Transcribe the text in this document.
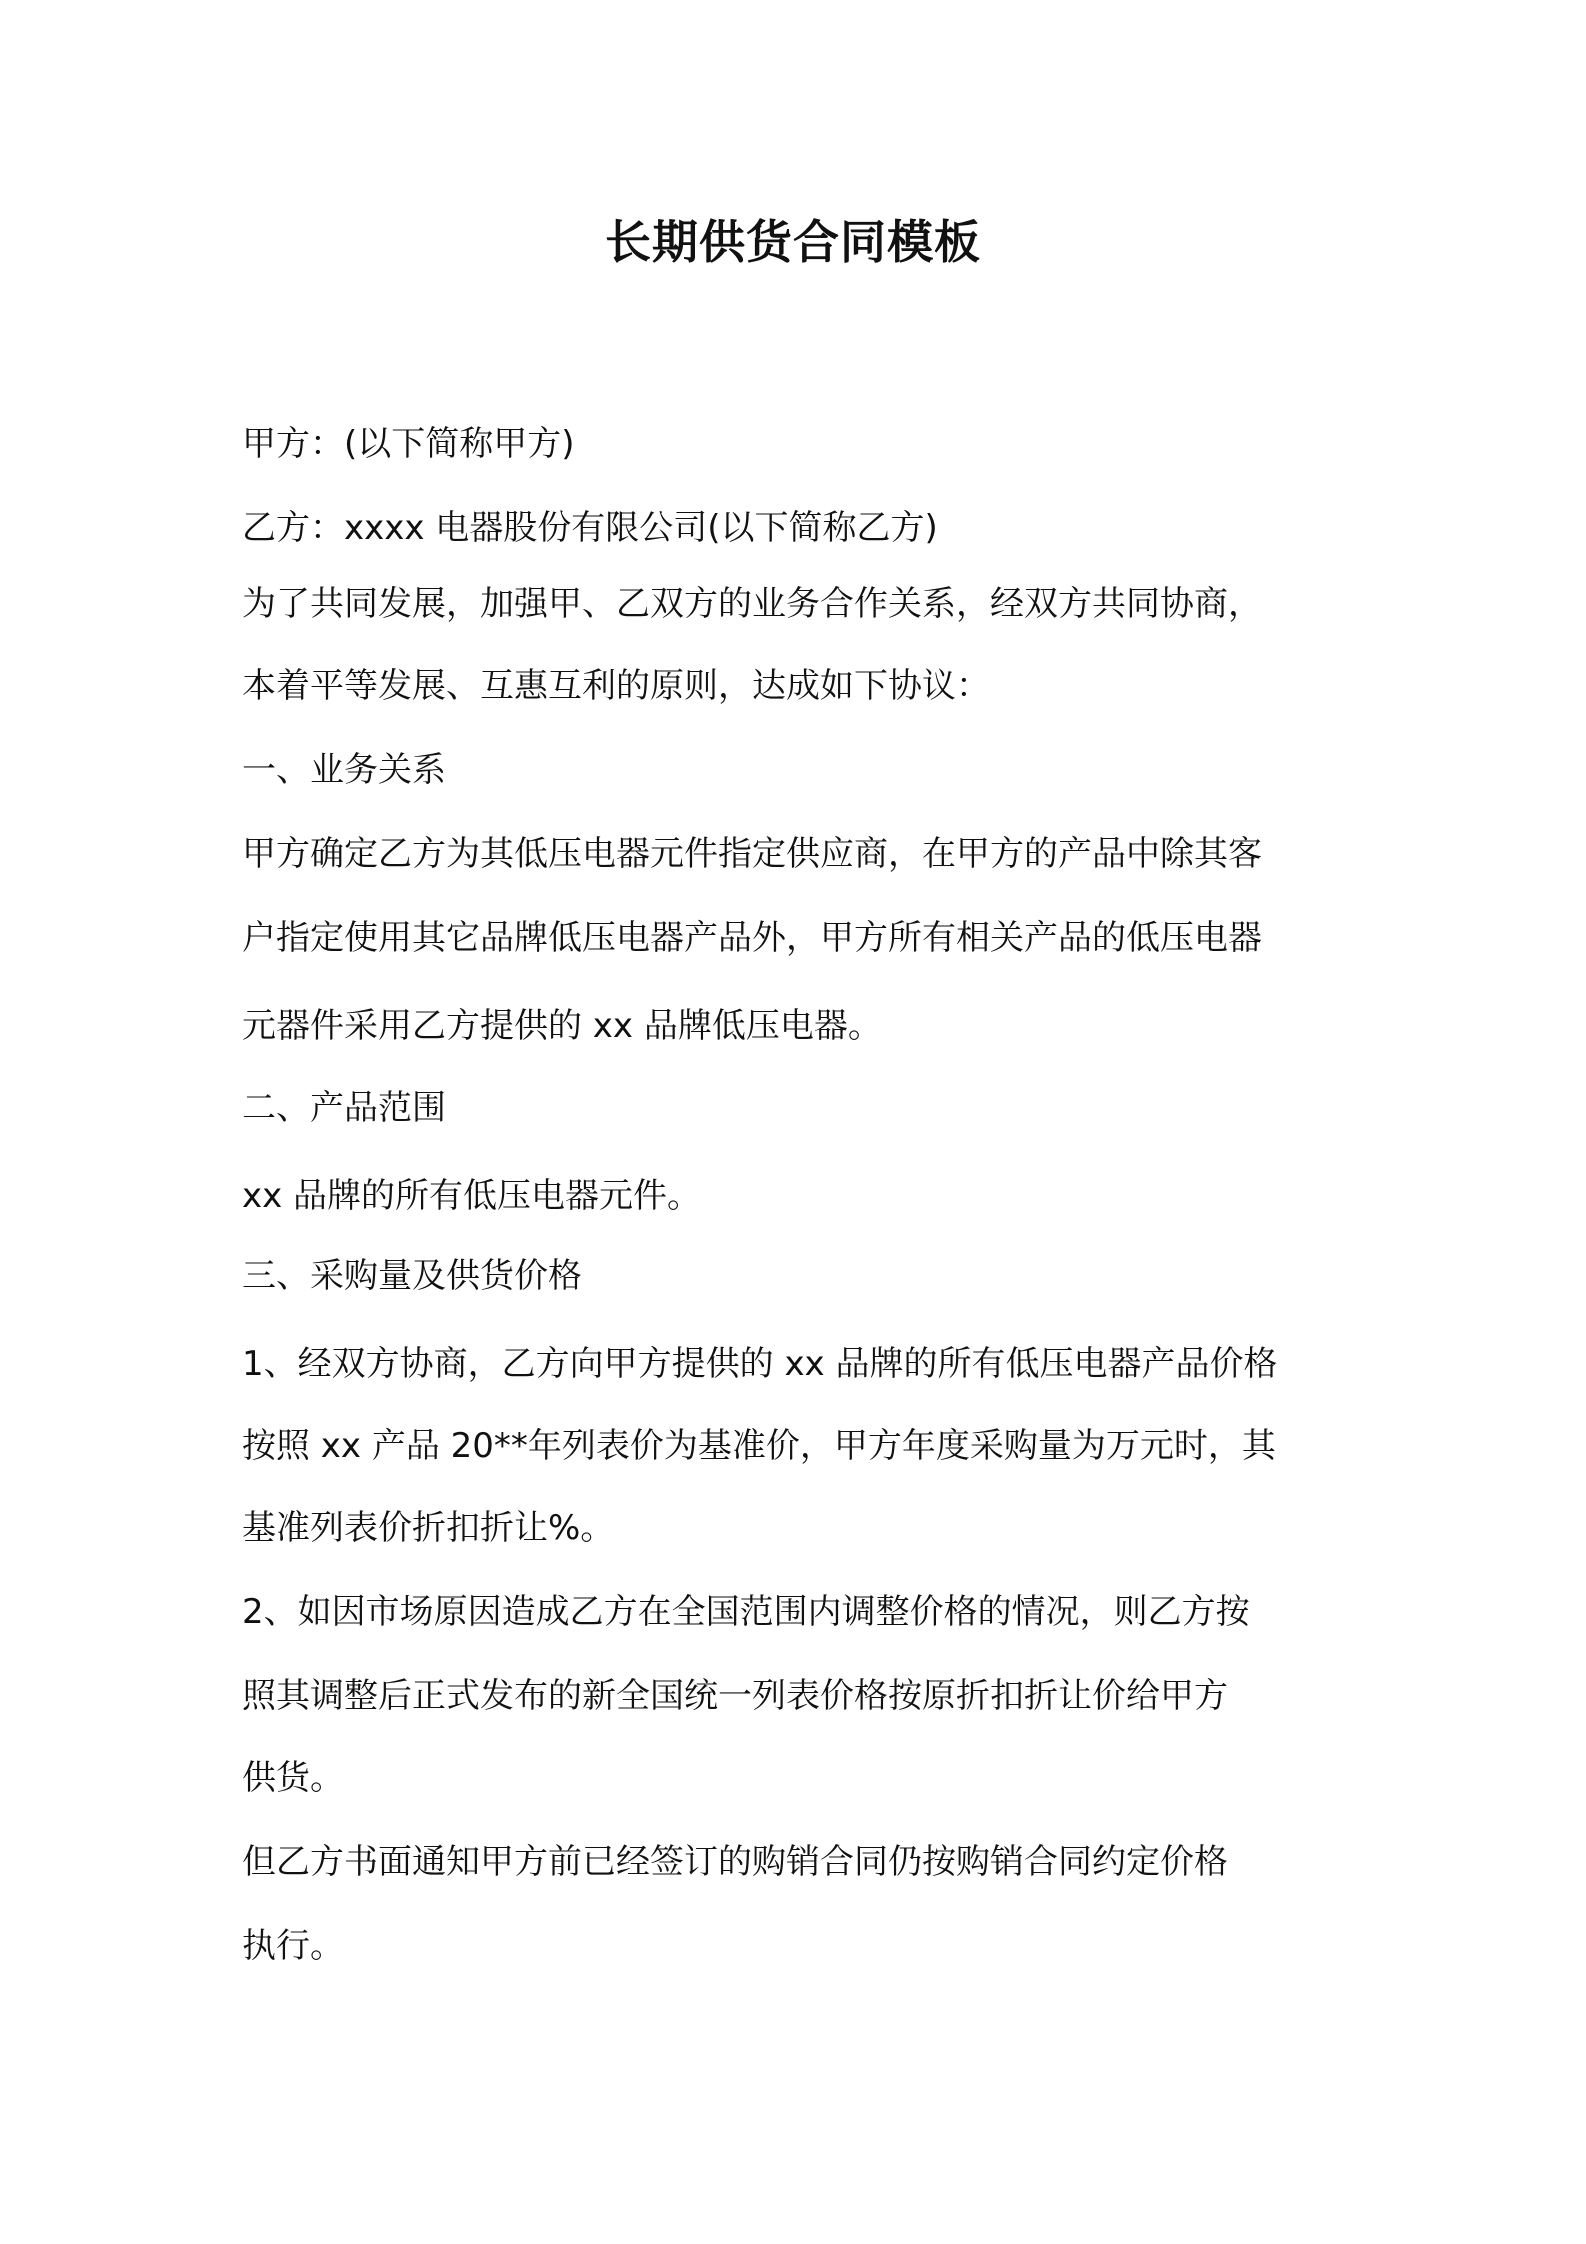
长期供货合同模板

甲方：(以下简称甲方)

乙方：xxxx 电器股份有限公司(以下简称乙方)

为了共同发展，加强甲、乙双方的业务合作关系，经双方共同协商，

本着平等发展、互惠互利的原则，达成如下协议：

一、业务关系

甲方确定乙方为其低压电器元件指定供应商，在甲方的产品中除其客

户指定使用其它品牌低压电器产品外，甲方所有相关产品的低压电器

元器件采用乙方提供的 xx 品牌低压电器。

二、产品范围

xx 品牌的所有低压电器元件。

三、采购量及供货价格

1、经双方协商，乙方向甲方提供的 xx 品牌的所有低压电器产品价格

按照 xx 产品 20**年列表价为基准价，甲方年度采购量为万元时，其

基准列表价折扣折让%。

2、如因市场原因造成乙方在全国范围内调整价格的情况，则乙方按

照其调整后正式发布的新全国统一列表价格按原折扣折让价给甲方

供货。

但乙方书面通知甲方前已经签订的购销合同仍按购销合同约定价格

执行。
